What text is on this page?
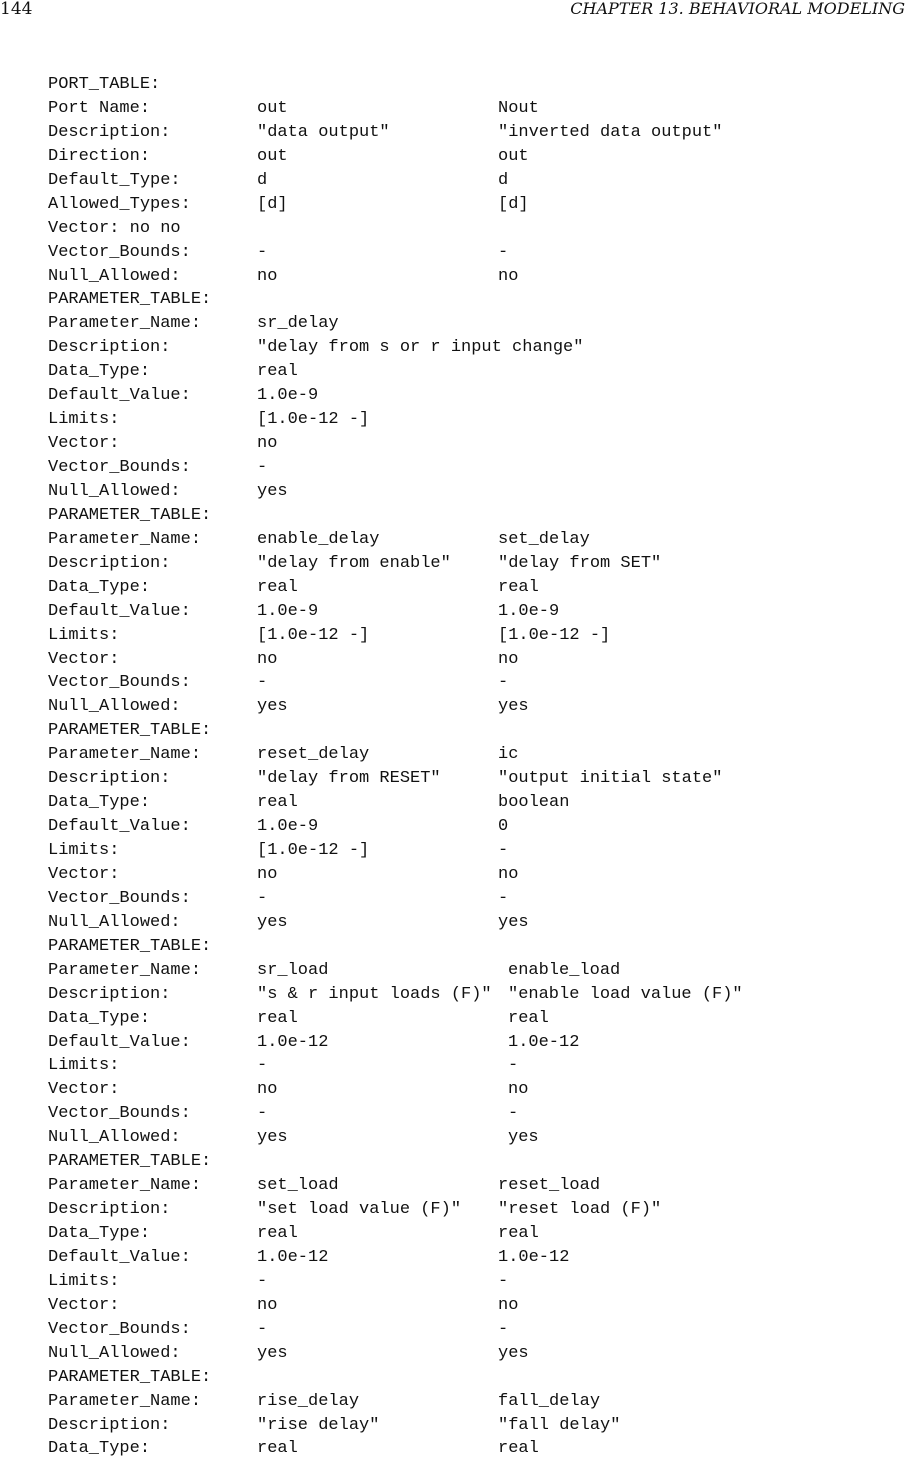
144	CHAPTER 13. BEHAVIORAL MODELING
PORT_TABLE:
Port Name:	out	Nout
Description:	"data output"	"inverted data output"
Direction:	out	out
Default_Type:	d	d
Allowed_Types:	[d]	[d]
Vector: no no
Vector_Bounds:	-	-
Null_Allowed:	no	no
PARAMETER_TABLE:
Parameter_Name:	sr_delay
Description:	"delay from s or r input change"
Data_Type:	real
Default_Value:	1.0e-9
Limits:	[1.0e-12 -]
Vector:	no
Vector_Bounds:	-
Null_Allowed:	yes
PARAMETER_TABLE:
Parameter_Name:	enable_delay	set_delay
Description:	"delay from enable"	"delay from SET"
Data_Type:	real	real
Default_Value:	1.0e-9	1.0e-9
Limits:	[1.0e-12 -]	[1.0e-12 -]
Vector:	no	no
Vector_Bounds:	-	-
Null_Allowed:	yes	yes
PARAMETER_TABLE:
Parameter_Name:	reset_delay	ic
Description:	"delay from RESET"	"output initial state"
Data_Type:	real	boolean
Default_Value:	1.0e-9	0
Limits:	[1.0e-12 -]	-
Vector:	no	no
Vector_Bounds:	-	-
Null_Allowed:	yes	yes
PARAMETER_TABLE:
Parameter_Name:	sr_load	enable_load
Description:	"s & r input loads (F)" "enable load value (F)"
Data_Type:	real	real
Default_Value:	1.0e-12	1.0e-12
Limits:	-	-
Vector:	no	no
Vector_Bounds:	-	-
Null_Allowed:	yes	yes
PARAMETER_TABLE:
Parameter_Name:	set_load	reset_load
Description:	"set load value (F)" "reset load (F)"
Data_Type:	real	real
Default_Value:	1.0e-12	1.0e-12
Limits:	-	-
Vector:	no	no
Vector_Bounds:	-	-
Null_Allowed:	yes	yes
PARAMETER_TABLE:
Parameter_Name:	rise_delay	fall_delay
Description:	"rise delay"	"fall delay"
Data_Type:	real	real
